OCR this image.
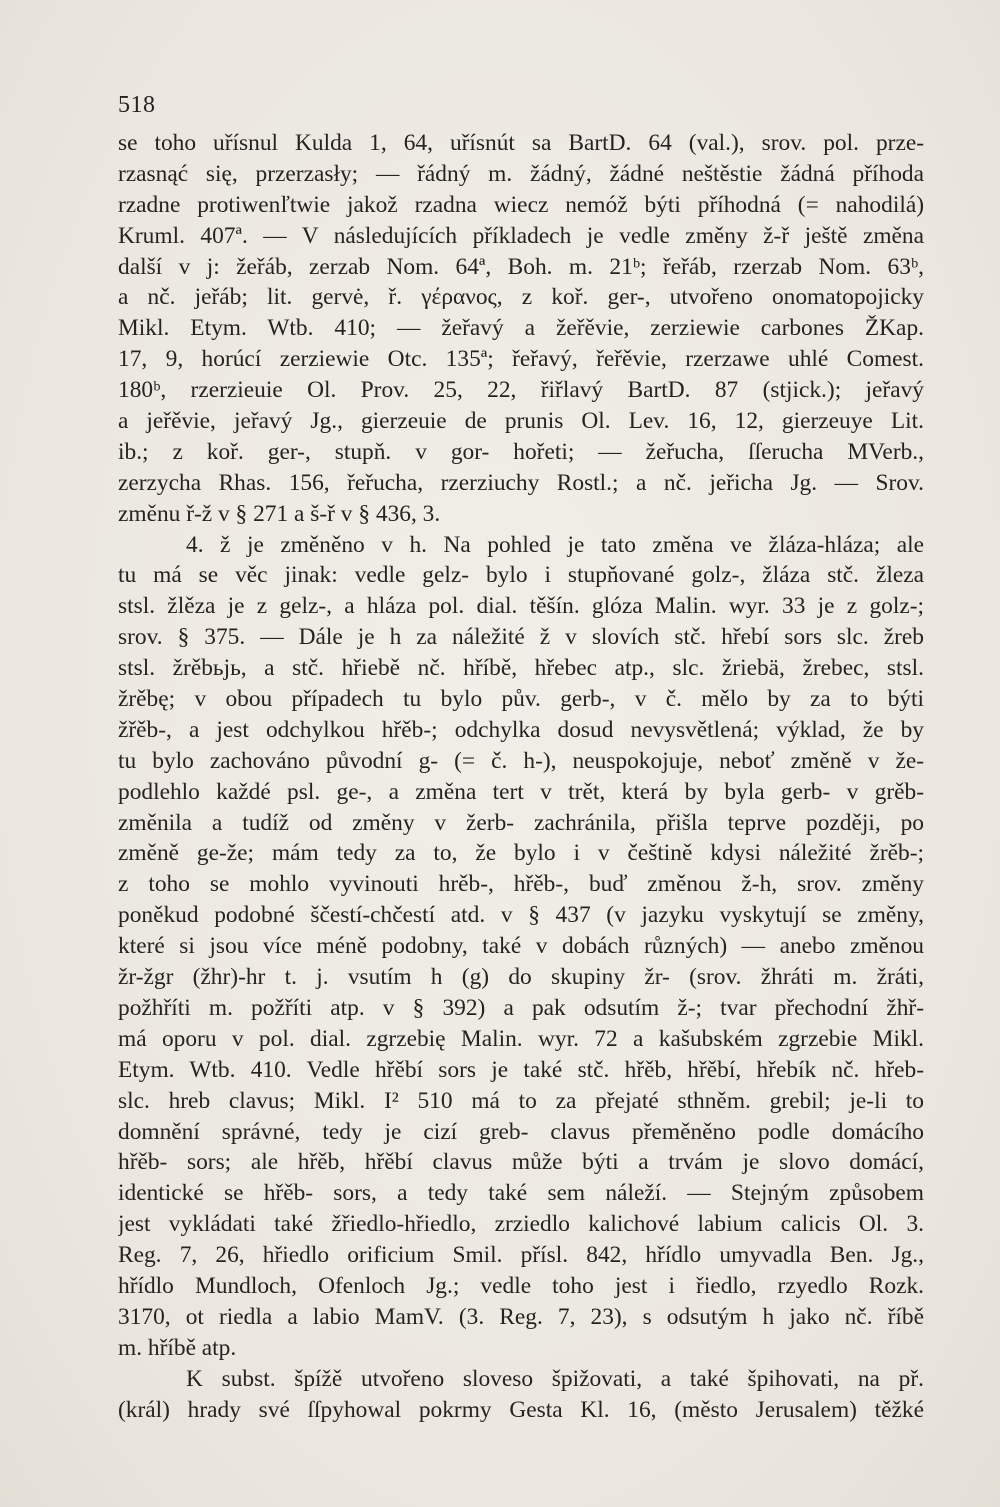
518
se toho uřísnul Kulda 1, 64, uřísnút sa BartD. 64 (val.), srov. pol. prze-
rzasnąć się, przerzasły; — řádný m. žádný, žádné neštěstie žádná příhoda
rzadne protiwenľtwie jakož rzadna wiecz nemóž býti příhodná (= nahodilá)
Kruml. 407ª. — V následujících příkladech je vedle změny ž-ř ještě změna
další v j: žeřáb, zerzab Nom. 64ª, Boh. m. 21ᵇ; řeřáb, rzerzab Nom. 63ᵇ,
a nč. jeřáb; lit. gervė, ř. γέρανος, z koř. ger-, utvořeno onomatopojicky
Mikl. Etym. Wtb. 410; — žeřavý a žeřěvie, zerziewie carbones ŽKap.
17, 9, horúcí zerziewie Otc. 135ª; řeřavý, řeřěvie, rzerzawe uhlé Comest.
180ᵇ, rzerzieuie Ol. Prov. 25, 22, řiřlavý BartD. 87 (stjick.); jeřavý
a jeřěvie, jeřavý Jg., gierzeuie de prunis Ol. Lev. 16, 12, gierzeuye Lit.
ib.; z koř. ger-, stupň. v gor- hořeti; — žeřucha, ſſerucha MVerb.,
zerzycha Rhas. 156, řeřucha, rzerziuchy Rostl.; a nč. jeřicha Jg. — Srov.
změnu ř-ž v § 271 a š-ř v § 436, 3.
4. ž je změněno v h. Na pohled je tato změna ve žláza-hláza; ale
tu má se věc jinak: vedle gelz- bylo i stupňované golz-, žláza stč. žleza
stsl. žlěza je z gelz-, a hláza pol. dial. těšín. glóza Malin. wyr. 33 je z golz-;
srov. § 375. — Dále je h za náležité ž v slovích stč. hřebí sors slc. žreb
stsl. žrěbьjь, a stč. hřiebě nč. hříbě, hřebec atp., slc. žriebä, žrebec, stsl.
žrěbę; v obou případech tu bylo pův. gerb-, v č. mělo by za to býti
žřěb-, a jest odchylkou hřěb-; odchylka dosud nevysvětlená; výklad, že by
tu bylo zachováno původní g- (= č. h-), neuspokojuje, neboť změně v že-
podlehlo každé psl. ge-, a změna tert v trět, která by byla gerb- v grěb-
změnila a tudíž od změny v žerb- zachránila, přišla teprve později, po
změně ge-že; mám tedy za to, že bylo i v češtině kdysi náležité žrěb-;
z toho se mohlo vyvinouti hrěb-, hřěb-, buď změnou ž-h, srov. změny
poněkud podobné ščestí-chčestí atd. v § 437 (v jazyku vyskytují se změny,
které si jsou více méně podobny, také v dobách různých) — anebo změnou
žr-žgr (žhr)-hr t. j. vsutím h (g) do skupiny žr- (srov. žhráti m. žráti,
požhříti m. požříti atp. v § 392) a pak odsutím ž-; tvar přechodní žhř-
má oporu v pol. dial. zgrzebię Malin. wyr. 72 a kašubském zgrzebie Mikl.
Etym. Wtb. 410. Vedle hřěbí sors je také stč. hřěb, hřěbí, hřebík nč. hřeb-
slc. hreb clavus; Mikl. I² 510 má to za přejaté sthněm. grebil; je-li to
domnění správné, tedy je cizí greb- clavus přeměněno podle domácího
hřěb- sors; ale hřěb, hřěbí clavus může býti a trvám je slovo domácí,
identické se hřěb- sors, a tedy také sem náleží. — Stejným způsobem
jest vykládati také žřiedlo-hřiedlo, zrziedlo kalichové labium calicis Ol. 3.
Reg. 7, 26, hřiedlo orificium Smil. přísl. 842, hřídlo umyvadla Ben. Jg.,
hřídlo Mundloch, Ofenloch Jg.; vedle toho jest i řiedlo, rzyedlo Rozk.
3170, ot riedla a labio MamV. (3. Reg. 7, 23), s odsutým h jako nč. říbě
m. hříbě atp.
K subst. špížě utvořeno sloveso špižovati, a také špihovati, na př.
(král) hrady své ſſpyhowal pokrmy Gesta Kl. 16, (město Jerusalem) těžké
